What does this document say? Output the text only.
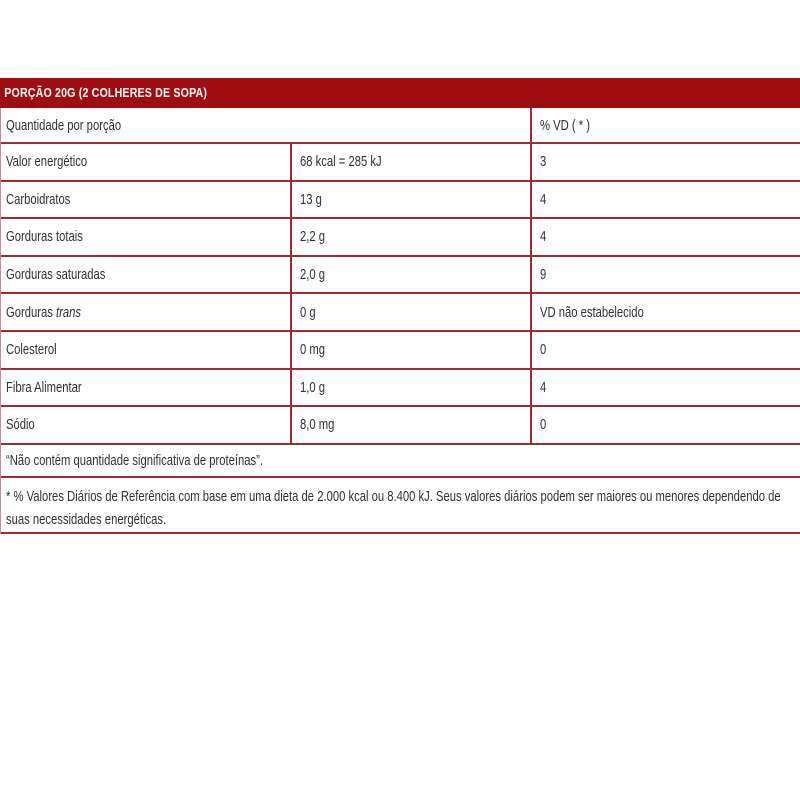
PORÇÃO 20G (2 COLHERES DE SOPA)
Quantidade por porção	% VD ( * )
Valor energético	68 kcal = 285 kJ	3
Carboidratos	13 g	4
Gorduras totais	2,2 g	4
Gorduras saturadas	2,0 g	9
Gorduras trans	0 g	VD não estabelecido
Colesterol	0 mg	0
Fibra Alimentar	1,0 g	4
Sódio	8,0 mg	0
“Não contém quantidade significativa de proteínas”.
* % Valores Diários de Referência com base em uma dieta de 2.000 kcal ou 8.400 kJ. Seus valores diários podem ser maiores ou menores dependendo de
suas necessidades energéticas.
